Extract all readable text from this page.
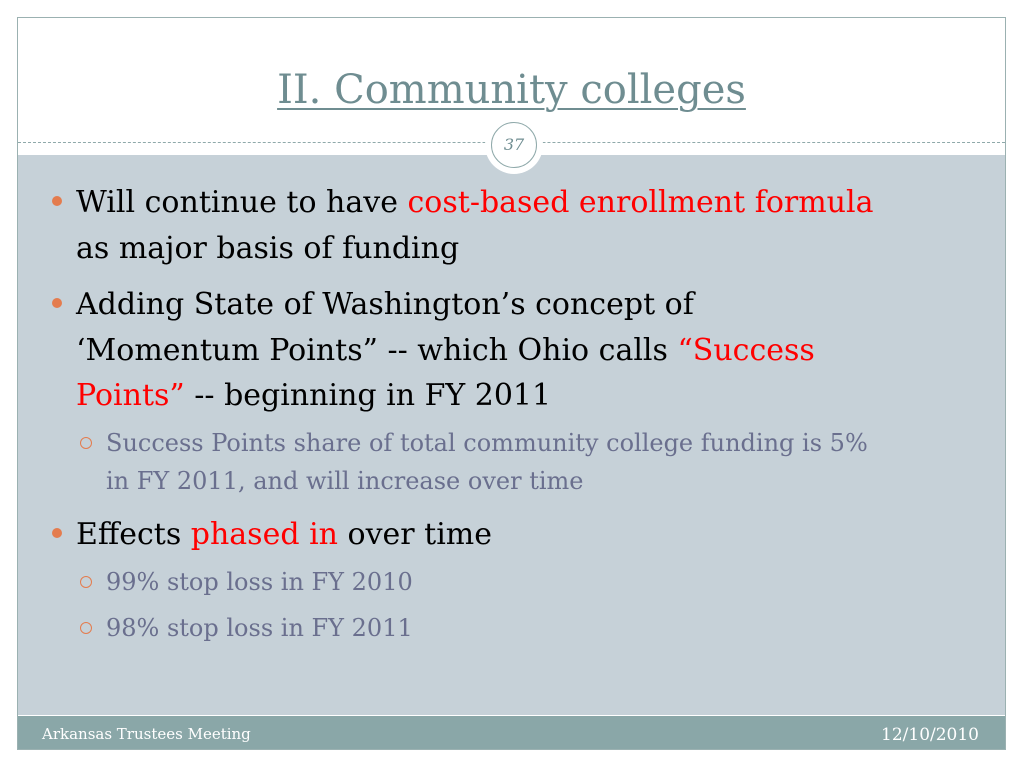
II. Community colleges
37
Will continue to have cost-based enrollment formula
as major basis of funding
Adding State of Washington’s concept of
‘Momentum Points” -- which Ohio calls “Success
Points” -- beginning in FY 2011
Success Points share of total community college funding is 5%
in FY 2011, and will increase over time
Effects phased in over time
99% stop loss in FY 2010
98% stop loss in FY 2011
Arkansas Trustees Meeting	12/10/2010
